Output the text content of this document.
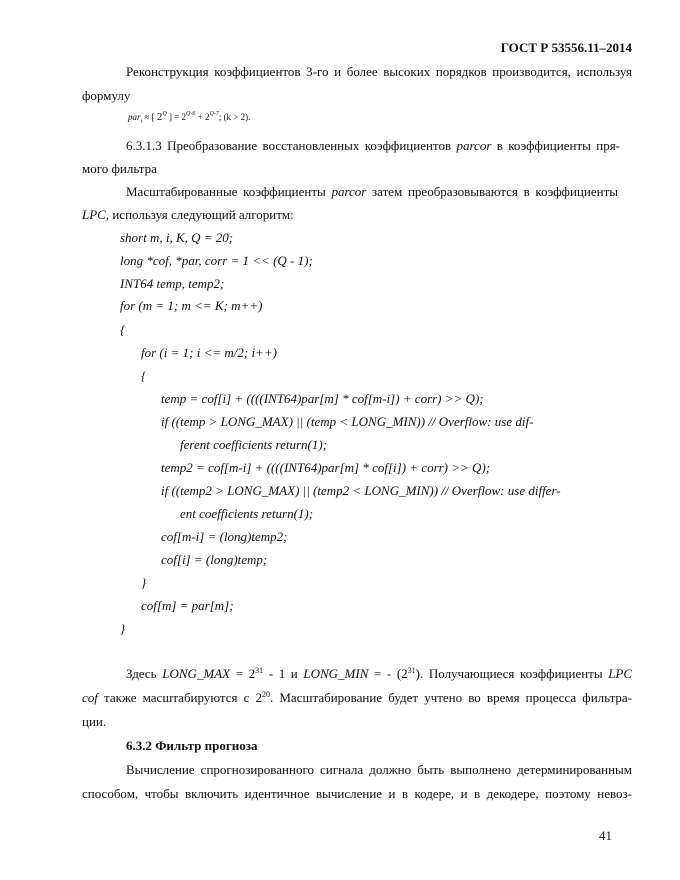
ГОСТ Р 53556.11–2014
Реконструкция коэффициентов 3-го и более высоких порядков производится, используя
формулу
par$_i$ ≈ [ $2^Q$ ] = $2^{Q-6} + 2^{Q-7}$; (k > 2).
6.3.1.3 Преобразование восстановленных коэффициентов parcor в коэффициенты пря-
мого фильтра
Масштабированные коэффициенты parcor затем преобразовываются в коэффициенты
LPC, используя следующий алгоритм:
short m, i, K, Q = 20;
long *cof, *par, corr = 1 << (Q - 1);
INT64 temp, temp2;
for (m = 1; m <= K; m++)
{
for (i = 1; i <= m/2; i++)
{
temp = cof[i] + ((((INT64)par[m] * cof[m-i]) + corr) >> Q);
if ((temp > LONG_MAX) || (temp < LONG_MIN)) // Overflow: use dif-
ferent coefficients return(1);
temp2 = cof[m-i] + ((((INT64)par[m] * cof[i]) + corr) >> Q);
if ((temp2 > LONG_MAX) || (temp2 < LONG_MIN)) // Overflow: use differ-
ent coefficients return(1);
cof[m-i] = (long)temp2;
cof[i] = (long)temp;
}
cof[m] = par[m];
}
Здесь LONG_MAX = $2^{31} - 1$ и LONG_MIN = - $(2^{31})$. Получающиеся коэффициенты LPC
cof также масштабируются с $2^{20}$. Масштабирование будет учтено во время процесса фильтра-
ции.
6.3.2 Фильтр прогноза
Вычисление спрогнозированного сигнала должно быть выполнено детерминированным
способом, чтобы включить идентичное вычисление и в кодере, и в декодере, поэтому невоз-
41
